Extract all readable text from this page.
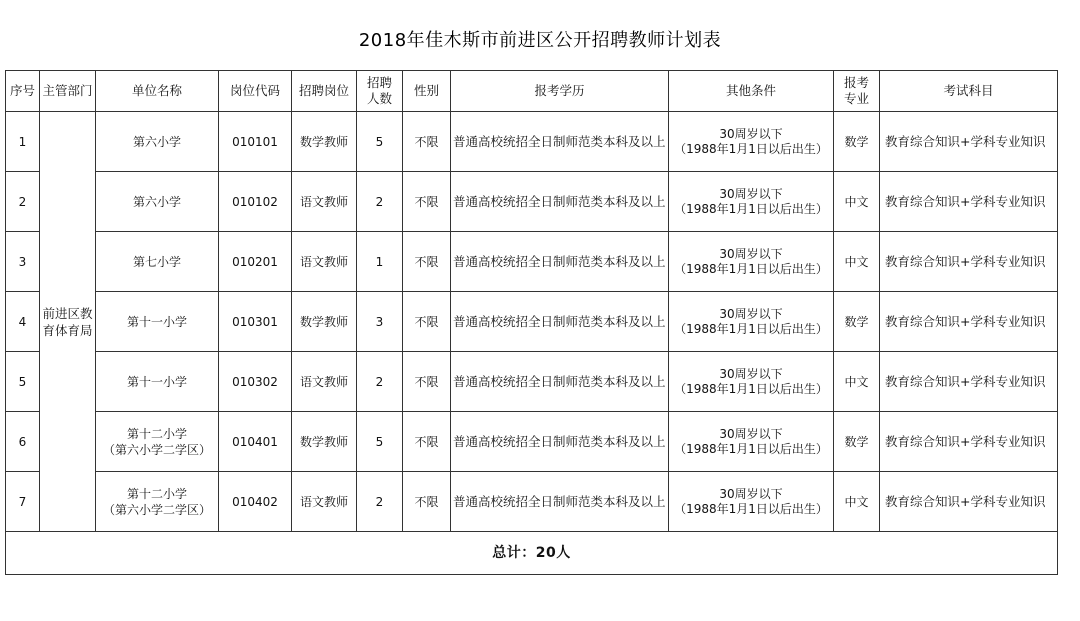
2018年佳木斯市前进区公开招聘教师计划表
序号	主管部门	单位名称	岗位代码	招聘岗位	招聘人数	性别	报考学历	其他条件	报考专业	考试科目
1	前进区教育体育局	第六小学	010101	数学教师	5	不限	普通高校统招全日制师范类本科及以上	30周岁以下
（1988年1月1日以后出生）	数学	教育综合知识+学科专业知识
2		第六小学	010102	语文教师	2	不限	普通高校统招全日制师范类本科及以上	30周岁以下
（1988年1月1日以后出生）	中文	教育综合知识+学科专业知识
3		第七小学	010201	语文教师	1	不限	普通高校统招全日制师范类本科及以上	30周岁以下
（1988年1月1日以后出生）	中文	教育综合知识+学科专业知识
4		第十一小学	010301	数学教师	3	不限	普通高校统招全日制师范类本科及以上	30周岁以下
（1988年1月1日以后出生）	数学	教育综合知识+学科专业知识
5		第十一小学	010302	语文教师	2	不限	普通高校统招全日制师范类本科及以上	30周岁以下
（1988年1月1日以后出生）	中文	教育综合知识+学科专业知识
6		第十二小学
（第六小学二学区）	010401	数学教师	5	不限	普通高校统招全日制师范类本科及以上	30周岁以下
（1988年1月1日以后出生）	数学	教育综合知识+学科专业知识
7		第十二小学
（第六小学二学区）	010402	语文教师	2	不限	普通高校统招全日制师范类本科及以上	30周岁以下
（1988年1月1日以后出生）	中文	教育综合知识+学科专业知识
总计：20人										
